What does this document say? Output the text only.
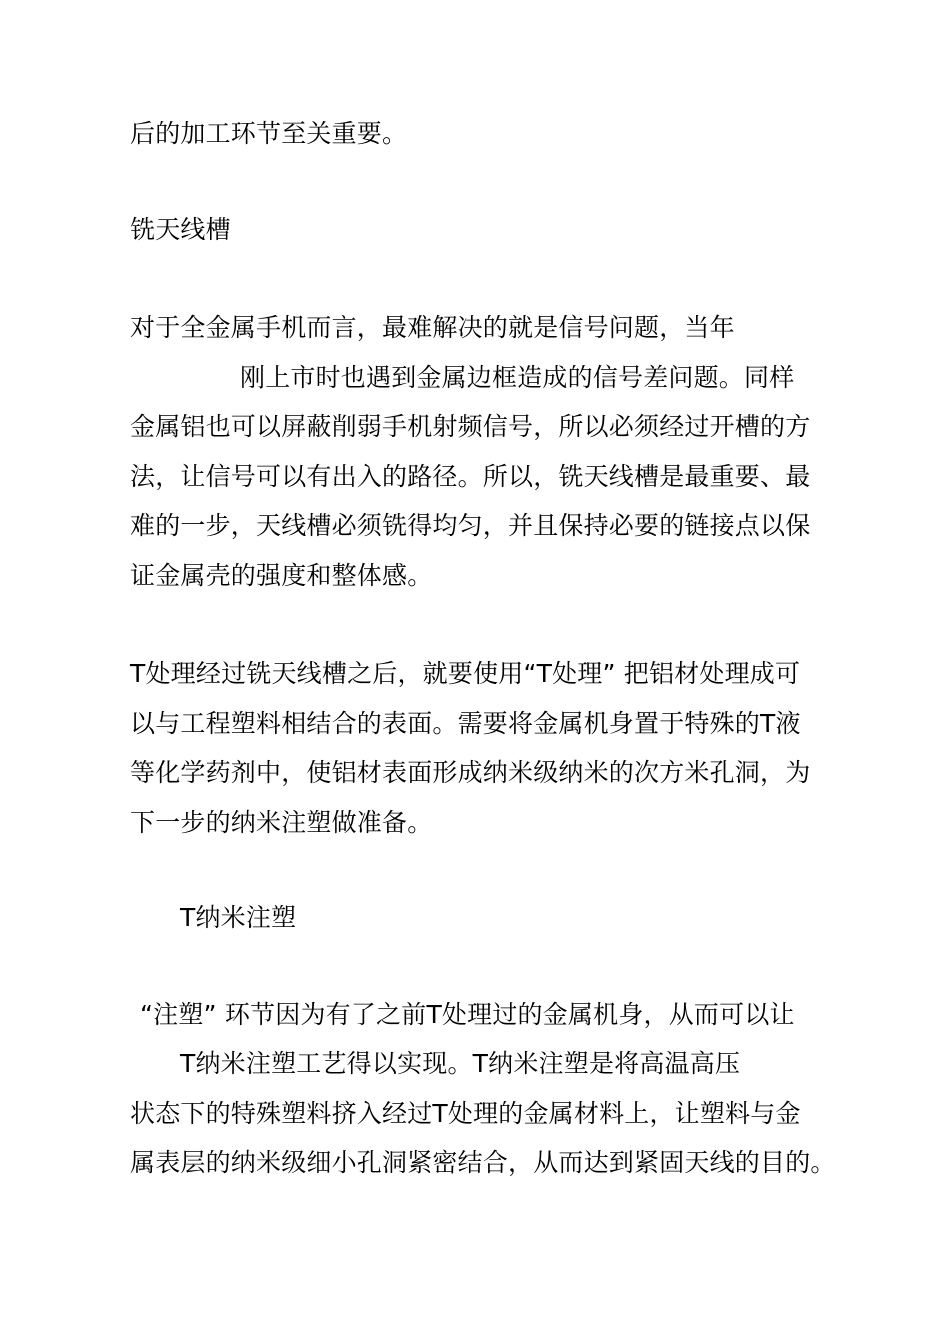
后的加工环节至关重要。

铣天线槽

对于全金属手机而言，最难解决的就是信号问题，当年

刚上市时也遇到金属边框造成的信号差问题。同样

金属铝也可以屏蔽削弱手机射频信号，所以必须经过开槽的方

法，让信号可以有出入的路径。所以，铣天线槽是最重要、最

难的一步，天线槽必须铣得均匀，并且保持必要的链接点以保

证金属壳的强度和整体感。

T处理经过铣天线槽之后，就要使用“T处理” 把铝材处理成可

以与工程塑料相结合的表面。需要将金属机身置于特殊的T液

等化学药剂中，使铝材表面形成纳米级纳米的次方米孔洞，为

下一步的纳米注塑做准备。

T纳米注塑

“注塑” 环节因为有了之前T处理过的金属机身，从而可以让

T纳米注塑工艺得以实现。T纳米注塑是将高温高压

状态下的特殊塑料挤入经过T处理的金属材料上，让塑料与金

属表层的纳米级细小孔洞紧密结合，从而达到紧固天线的目的。
